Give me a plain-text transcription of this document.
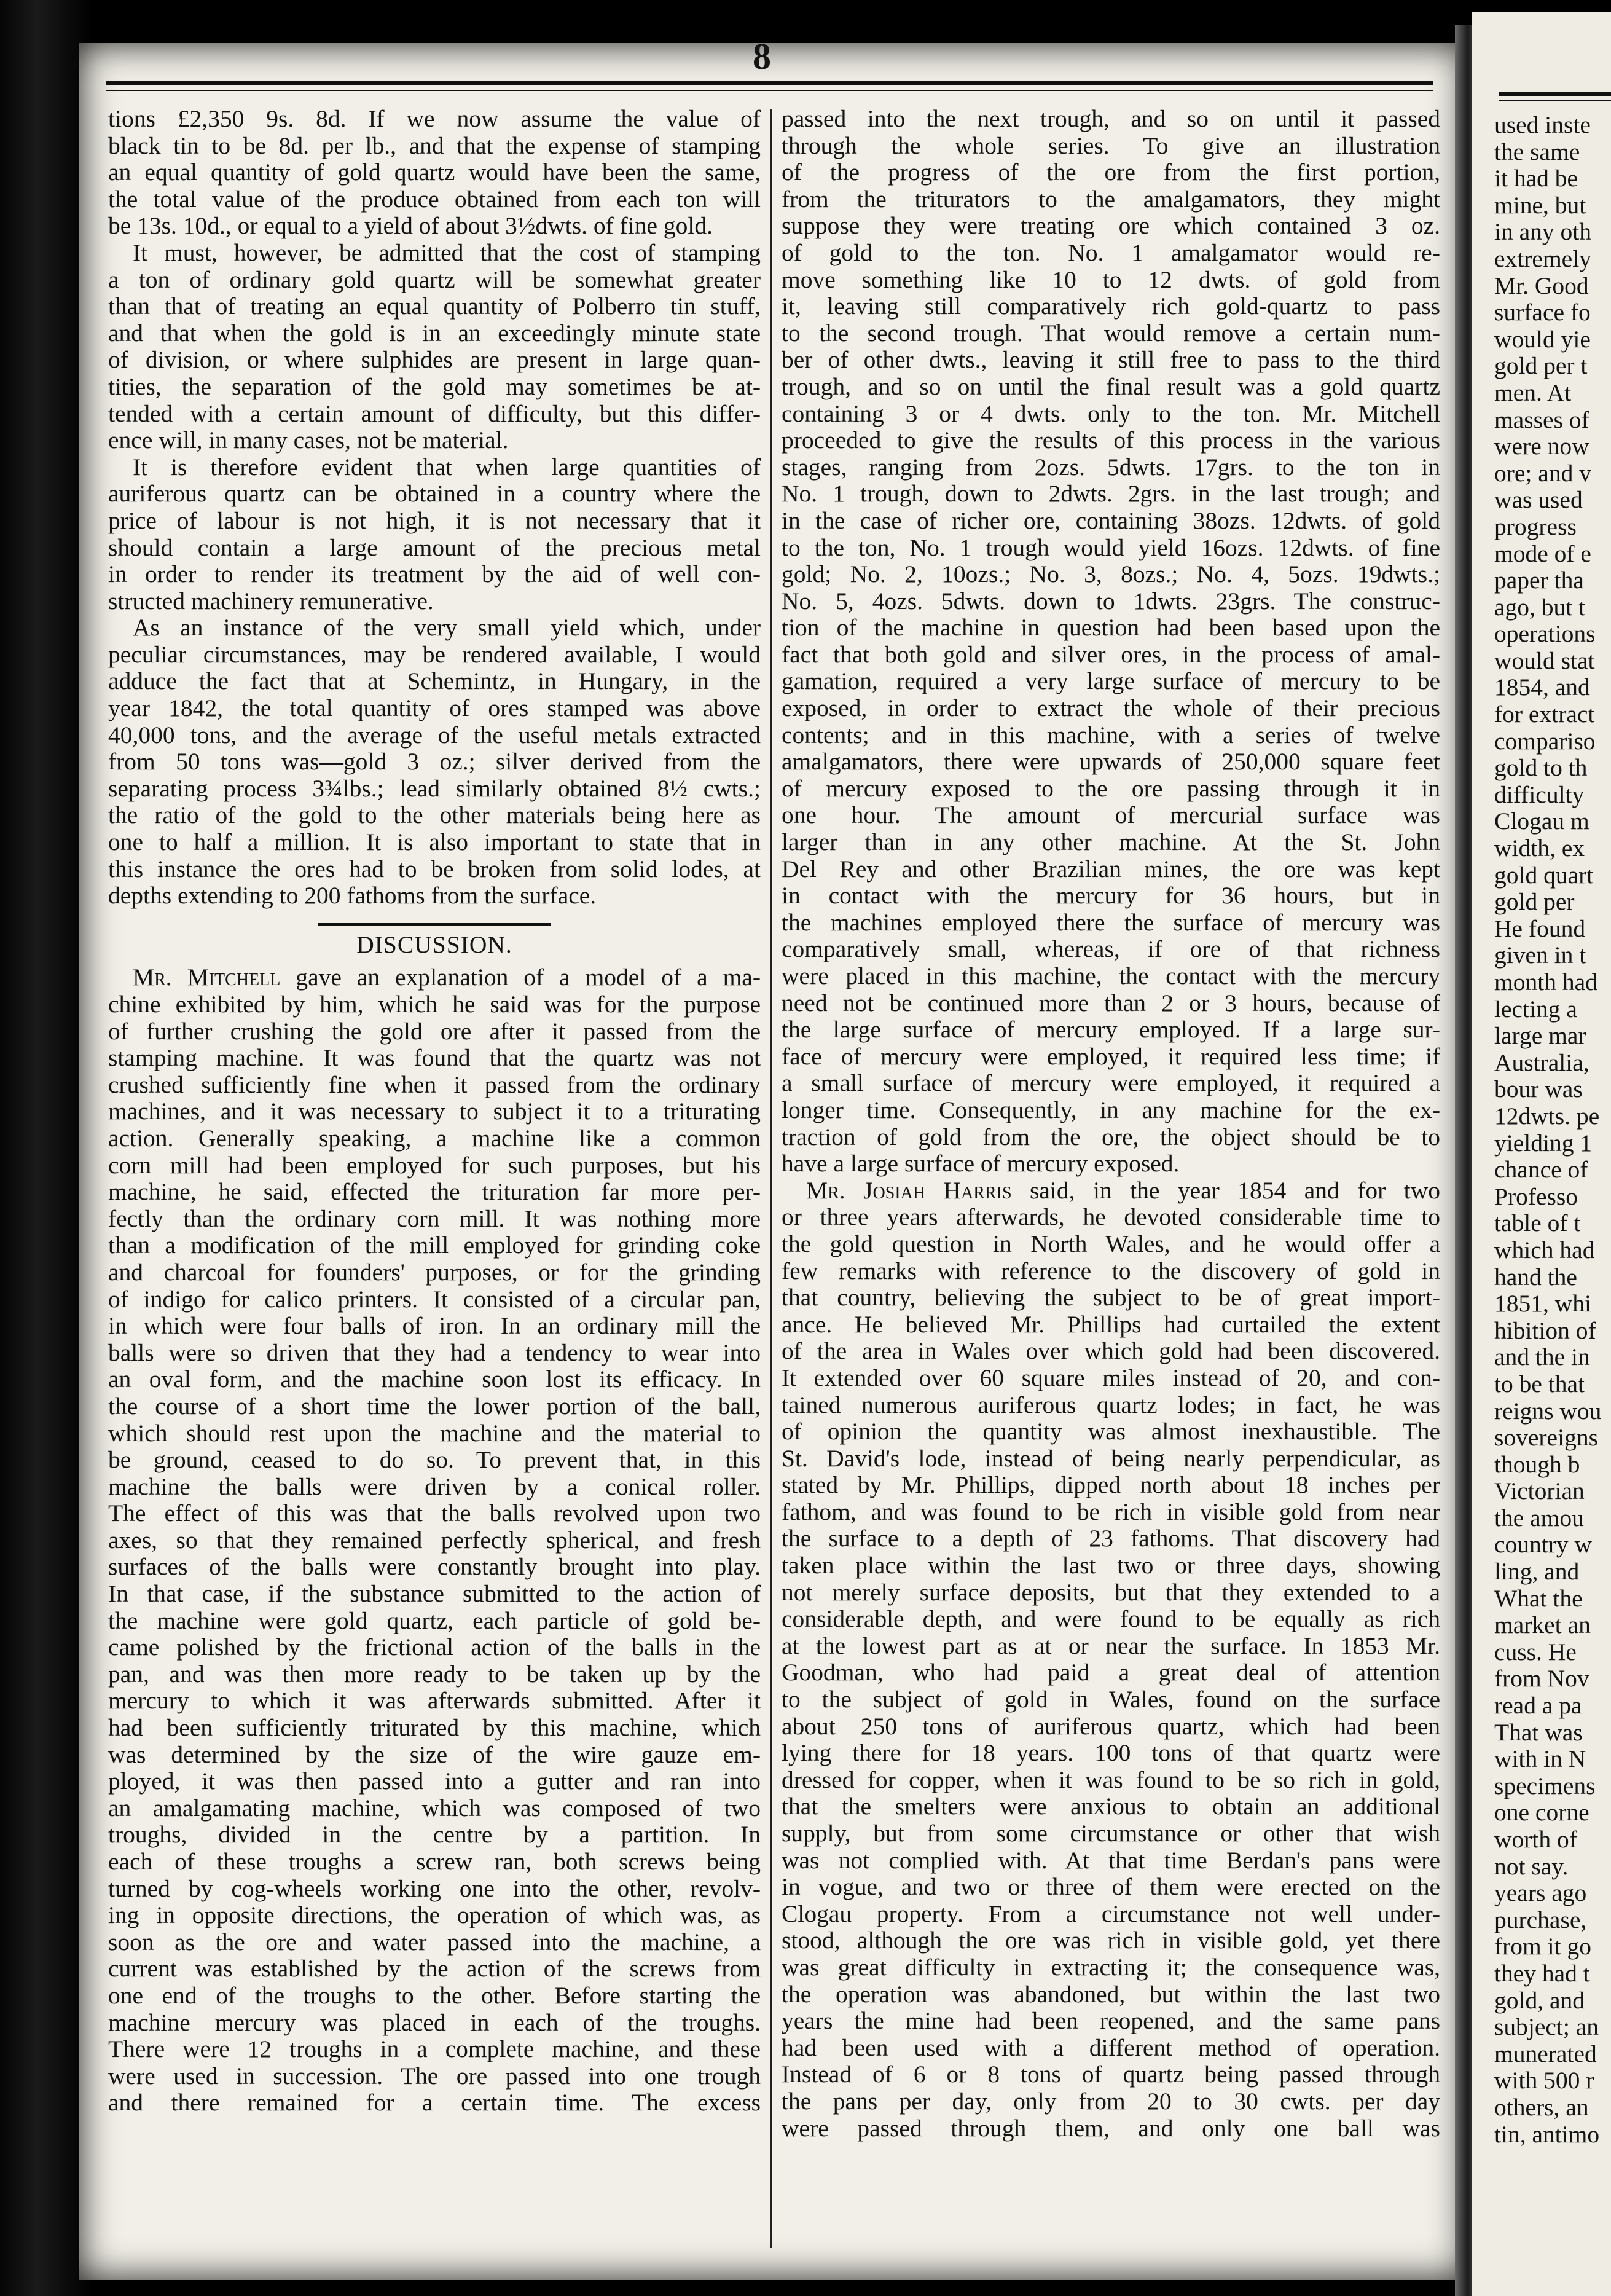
8
tions £2,350 9s. 8d. If we now assume the value of
black tin to be 8d. per lb., and that the expense of stamping
an equal quantity of gold quartz would have been the same,
the total value of the produce obtained from each ton will
be 13s. 10d., or equal to a yield of about 3½dwts. of fine gold.
It must, however, be admitted that the cost of stamping
a ton of ordinary gold quartz will be somewhat greater
than that of treating an equal quantity of Polberro tin stuff,
and that when the gold is in an exceedingly minute state
of division, or where sulphides are present in large quan-
tities, the separation of the gold may sometimes be at-
tended with a certain amount of difficulty, but this differ-
ence will, in many cases, not be material.
It is therefore evident that when large quantities of
auriferous quartz can be obtained in a country where the
price of labour is not high, it is not necessary that it
should contain a large amount of the precious metal
in order to render its treatment by the aid of well con-
structed machinery remunerative.
As an instance of the very small yield which, under
peculiar circumstances, may be rendered available, I would
adduce the fact that at Schemintz, in Hungary, in the
year 1842, the total quantity of ores stamped was above
40,000 tons, and the average of the useful metals extracted
from 50 tons was—gold 3 oz.; silver derived from the
separating process 3¾lbs.; lead similarly obtained 8½ cwts.;
the ratio of the gold to the other materials being here as
one to half a million. It is also important to state that in
this instance the ores had to be broken from solid lodes, at
depths extending to 200 fathoms from the surface.
DISCUSSION.
Mr. Mitchell gave an explanation of a model of a ma-
chine exhibited by him, which he said was for the purpose
of further crushing the gold ore after it passed from the
stamping machine. It was found that the quartz was not
crushed sufficiently fine when it passed from the ordinary
machines, and it was necessary to subject it to a triturating
action. Generally speaking, a machine like a common
corn mill had been employed for such purposes, but his
machine, he said, effected the trituration far more per-
fectly than the ordinary corn mill. It was nothing more
than a modification of the mill employed for grinding coke
and charcoal for founders' purposes, or for the grinding
of indigo for calico printers. It consisted of a circular pan,
in which were four balls of iron. In an ordinary mill the
balls were so driven that they had a tendency to wear into
an oval form, and the machine soon lost its efficacy. In
the course of a short time the lower portion of the ball,
which should rest upon the machine and the material to
be ground, ceased to do so. To prevent that, in this
machine the balls were driven by a conical roller.
The effect of this was that the balls revolved upon two
axes, so that they remained perfectly spherical, and fresh
surfaces of the balls were constantly brought into play.
In that case, if the substance submitted to the action of
the machine were gold quartz, each particle of gold be-
came polished by the frictional action of the balls in the
pan, and was then more ready to be taken up by the
mercury to which it was afterwards submitted. After it
had been sufficiently triturated by this machine, which
was determined by the size of the wire gauze em-
ployed, it was then passed into a gutter and ran into
an amalgamating machine, which was composed of two
troughs, divided in the centre by a partition. In
each of these troughs a screw ran, both screws being
turned by cog-wheels working one into the other, revolv-
ing in opposite directions, the operation of which was, as
soon as the ore and water passed into the machine, a
current was established by the action of the screws from
one end of the troughs to the other. Before starting the
machine mercury was placed in each of the troughs.
There were 12 troughs in a complete machine, and these
were used in succession. The ore passed into one trough
and there remained for a certain time. The excess
passed into the next trough, and so on until it passed
through the whole series. To give an illustration
of the progress of the ore from the first portion,
from the triturators to the amalgamators, they might
suppose they were treating ore which contained 3 oz.
of gold to the ton. No. 1 amalgamator would re-
move something like 10 to 12 dwts. of gold from
it, leaving still comparatively rich gold-quartz to pass
to the second trough. That would remove a certain num-
ber of other dwts., leaving it still free to pass to the third
trough, and so on until the final result was a gold quartz
containing 3 or 4 dwts. only to the ton. Mr. Mitchell
proceeded to give the results of this process in the various
stages, ranging from 2ozs. 5dwts. 17grs. to the ton in
No. 1 trough, down to 2dwts. 2grs. in the last trough; and
in the case of richer ore, containing 38ozs. 12dwts. of gold
to the ton, No. 1 trough would yield 16ozs. 12dwts. of fine
gold; No. 2, 10ozs.; No. 3, 8ozs.; No. 4, 5ozs. 19dwts.;
No. 5, 4ozs. 5dwts. down to 1dwts. 23grs. The construc-
tion of the machine in question had been based upon the
fact that both gold and silver ores, in the process of amal-
gamation, required a very large surface of mercury to be
exposed, in order to extract the whole of their precious
contents; and in this machine, with a series of twelve
amalgamators, there were upwards of 250,000 square feet
of mercury exposed to the ore passing through it in
one hour. The amount of mercurial surface was
larger than in any other machine. At the St. John
Del Rey and other Brazilian mines, the ore was kept
in contact with the mercury for 36 hours, but in
the machines employed there the surface of mercury was
comparatively small, whereas, if ore of that richness
were placed in this machine, the contact with the mercury
need not be continued more than 2 or 3 hours, because of
the large surface of mercury employed. If a large sur-
face of mercury were employed, it required less time; if
a small surface of mercury were employed, it required a
longer time. Consequently, in any machine for the ex-
traction of gold from the ore, the object should be to
have a large surface of mercury exposed.
Mr. Josiah Harris said, in the year 1854 and for two
or three years afterwards, he devoted considerable time to
the gold question in North Wales, and he would offer a
few remarks with reference to the discovery of gold in
that country, believing the subject to be of great import-
ance. He believed Mr. Phillips had curtailed the extent
of the area in Wales over which gold had been discovered.
It extended over 60 square miles instead of 20, and con-
tained numerous auriferous quartz lodes; in fact, he was
of opinion the quantity was almost inexhaustible. The
St. David's lode, instead of being nearly perpendicular, as
stated by Mr. Phillips, dipped north about 18 inches per
fathom, and was found to be rich in visible gold from near
the surface to a depth of 23 fathoms. That discovery had
taken place within the last two or three days, showing
not merely surface deposits, but that they extended to a
considerable depth, and were found to be equally as rich
at the lowest part as at or near the surface. In 1853 Mr.
Goodman, who had paid a great deal of attention
to the subject of gold in Wales, found on the surface
about 250 tons of auriferous quartz, which had been
lying there for 18 years. 100 tons of that quartz were
dressed for copper, when it was found to be so rich in gold,
that the smelters were anxious to obtain an additional
supply, but from some circumstance or other that wish
was not complied with. At that time Berdan's pans were
in vogue, and two or three of them were erected on the
Clogau property. From a circumstance not well under-
stood, although the ore was rich in visible gold, yet there
was great difficulty in extracting it; the consequence was,
the operation was abandoned, but within the last two
years the mine had been reopened, and the same pans
had been used with a different method of operation.
Instead of 6 or 8 tons of quartz being passed through
the pans per day, only from 20 to 30 cwts. per day
were passed through them, and only one ball was
used inste
the same
it had be
mine, but
in any oth
extremely
Mr. Good
surface fo
would yie
gold per t
men. At
masses of
were now
ore; and v
was used
progress
mode of e
paper tha
ago, but t
operations
would stat
1854, and
for extract
compariso
gold to th
difficulty
Clogau m
width, ex
gold quart
gold per
He found
given in t
month had
lecting a
large mar
Australia,
bour was
12dwts. pe
yielding 1
chance of
Professo
table of t
which had
hand the
1851, whi
hibition of
and the in
to be that
reigns wou
sovereigns
though b
Victorian
the amou
country w
ling, and
What the
market an
cuss. He
from Nov
read a pa
That was
with in N
specimens
one corne
worth of
not say.
years ago
purchase,
from it go
they had t
gold, and
subject; an
munerated
with 500 r
others, an
tin, antimo
